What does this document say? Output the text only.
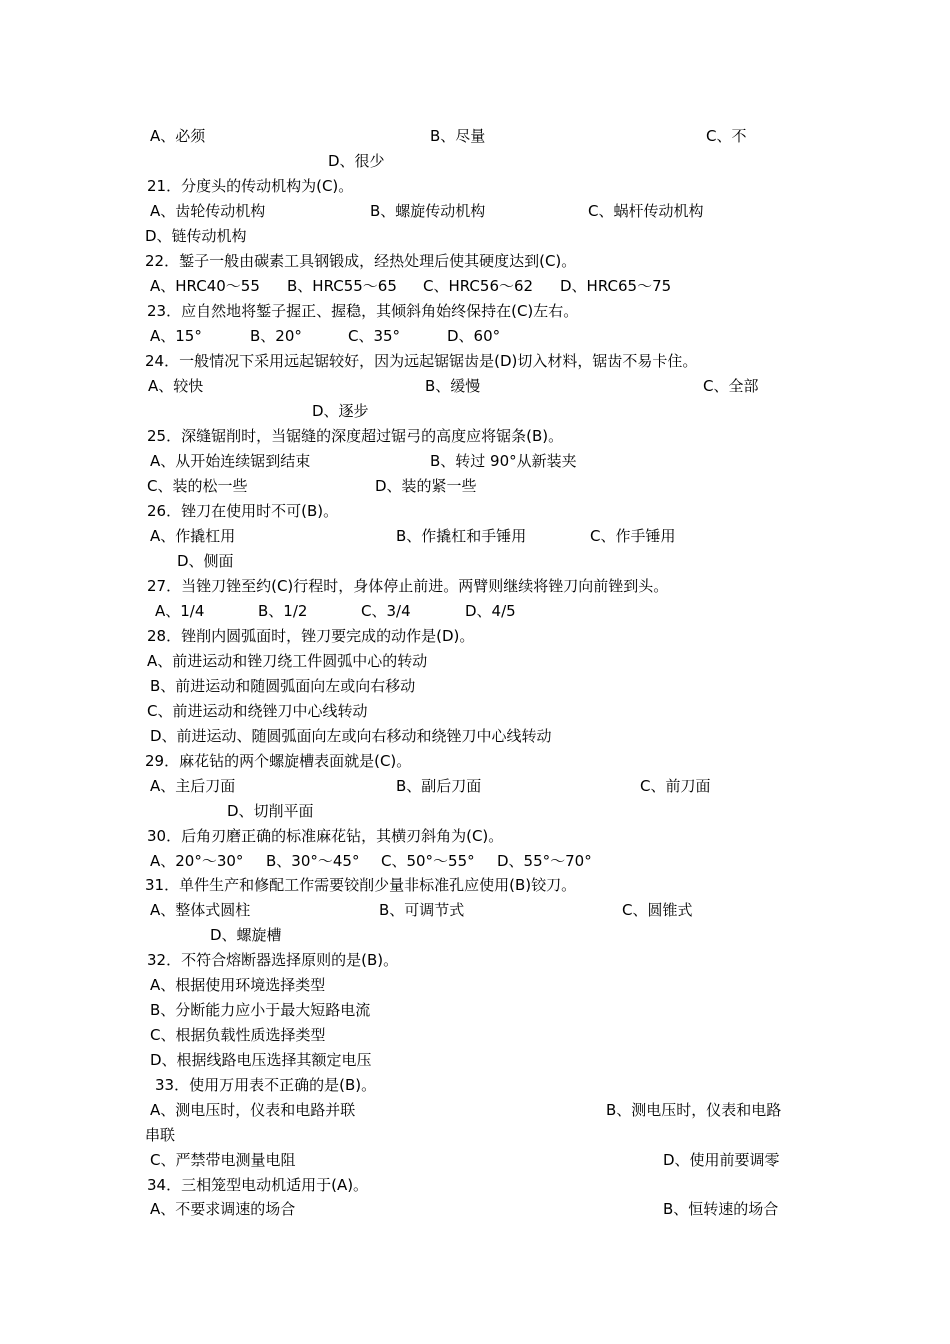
A、必须	B、尽量	C、不
D、很少
21．分度头的传动机构为(C)。
A、齿轮传动机构	B、螺旋传动机构	C、蜗杆传动机构
D、链传动机构
22．錾子一般由碳素工具钢锻成，经热处理后使其硬度达到(C)。
A、HRC40～55 B、HRC55～65 C、HRC56～62 D、HRC65～75
23．应自然地将錾子握正、握稳，其倾斜角始终保持在(C)左右。
A、15°	B、20°	C、35°	D、60°
24．一般情况下采用远起锯较好，因为远起锯锯齿是(D)切入材料，锯齿不易卡住。
A、较快	B、缓慢	C、全部
D、逐步
25．深缝锯削时，当锯缝的深度超过锯弓的高度应将锯条(B)。
A、从开始连续锯到结束	B、转过 90°从新装夹
C、装的松一些	D、装的紧一些
26．锉刀在使用时不可(B)。
A、作撬杠用	B、作撬杠和手锤用	C、作手锤用
D、侧面
27．当锉刀锉至约(C)行程时，身体停止前进。两臂则继续将锉刀向前锉到头。
A、1/4	B、1/2	C、3/4	D、4/5
28．锉削内圆弧面时，锉刀要完成的动作是(D)。
A、前进运动和锉刀绕工件圆弧中心的转动
B、前进运动和随圆弧面向左或向右移动
C、前进运动和绕锉刀中心线转动
D、前进运动、随圆弧面向左或向右移动和绕锉刀中心线转动
29．麻花钻的两个螺旋槽表面就是(C)。
A、主后刀面	B、副后刀面	C、前刀面
D、切削平面
30．后角刃磨正确的标准麻花钻，其横刃斜角为(C)。
A、20°～30° B、30°～45° C、50°～55° D、55°～70°
31．单件生产和修配工作需要铰削少量非标准孔应使用(B)铰刀。
A、整体式圆柱	B、可调节式	C、圆锥式
D、螺旋槽
32．不符合熔断器选择原则的是(B)。
A、根据使用环境选择类型
B、分断能力应小于最大短路电流
C、根据负载性质选择类型
D、根据线路电压选择其额定电压
33．使用万用表不正确的是(B)。
A、测电压时，仪表和电路并联	B、测电压时，仪表和电路
串联
C、严禁带电测量电阻	D、使用前要调零
34．三相笼型电动机适用于(A)。
A、不要求调速的场合	B、恒转速的场合
